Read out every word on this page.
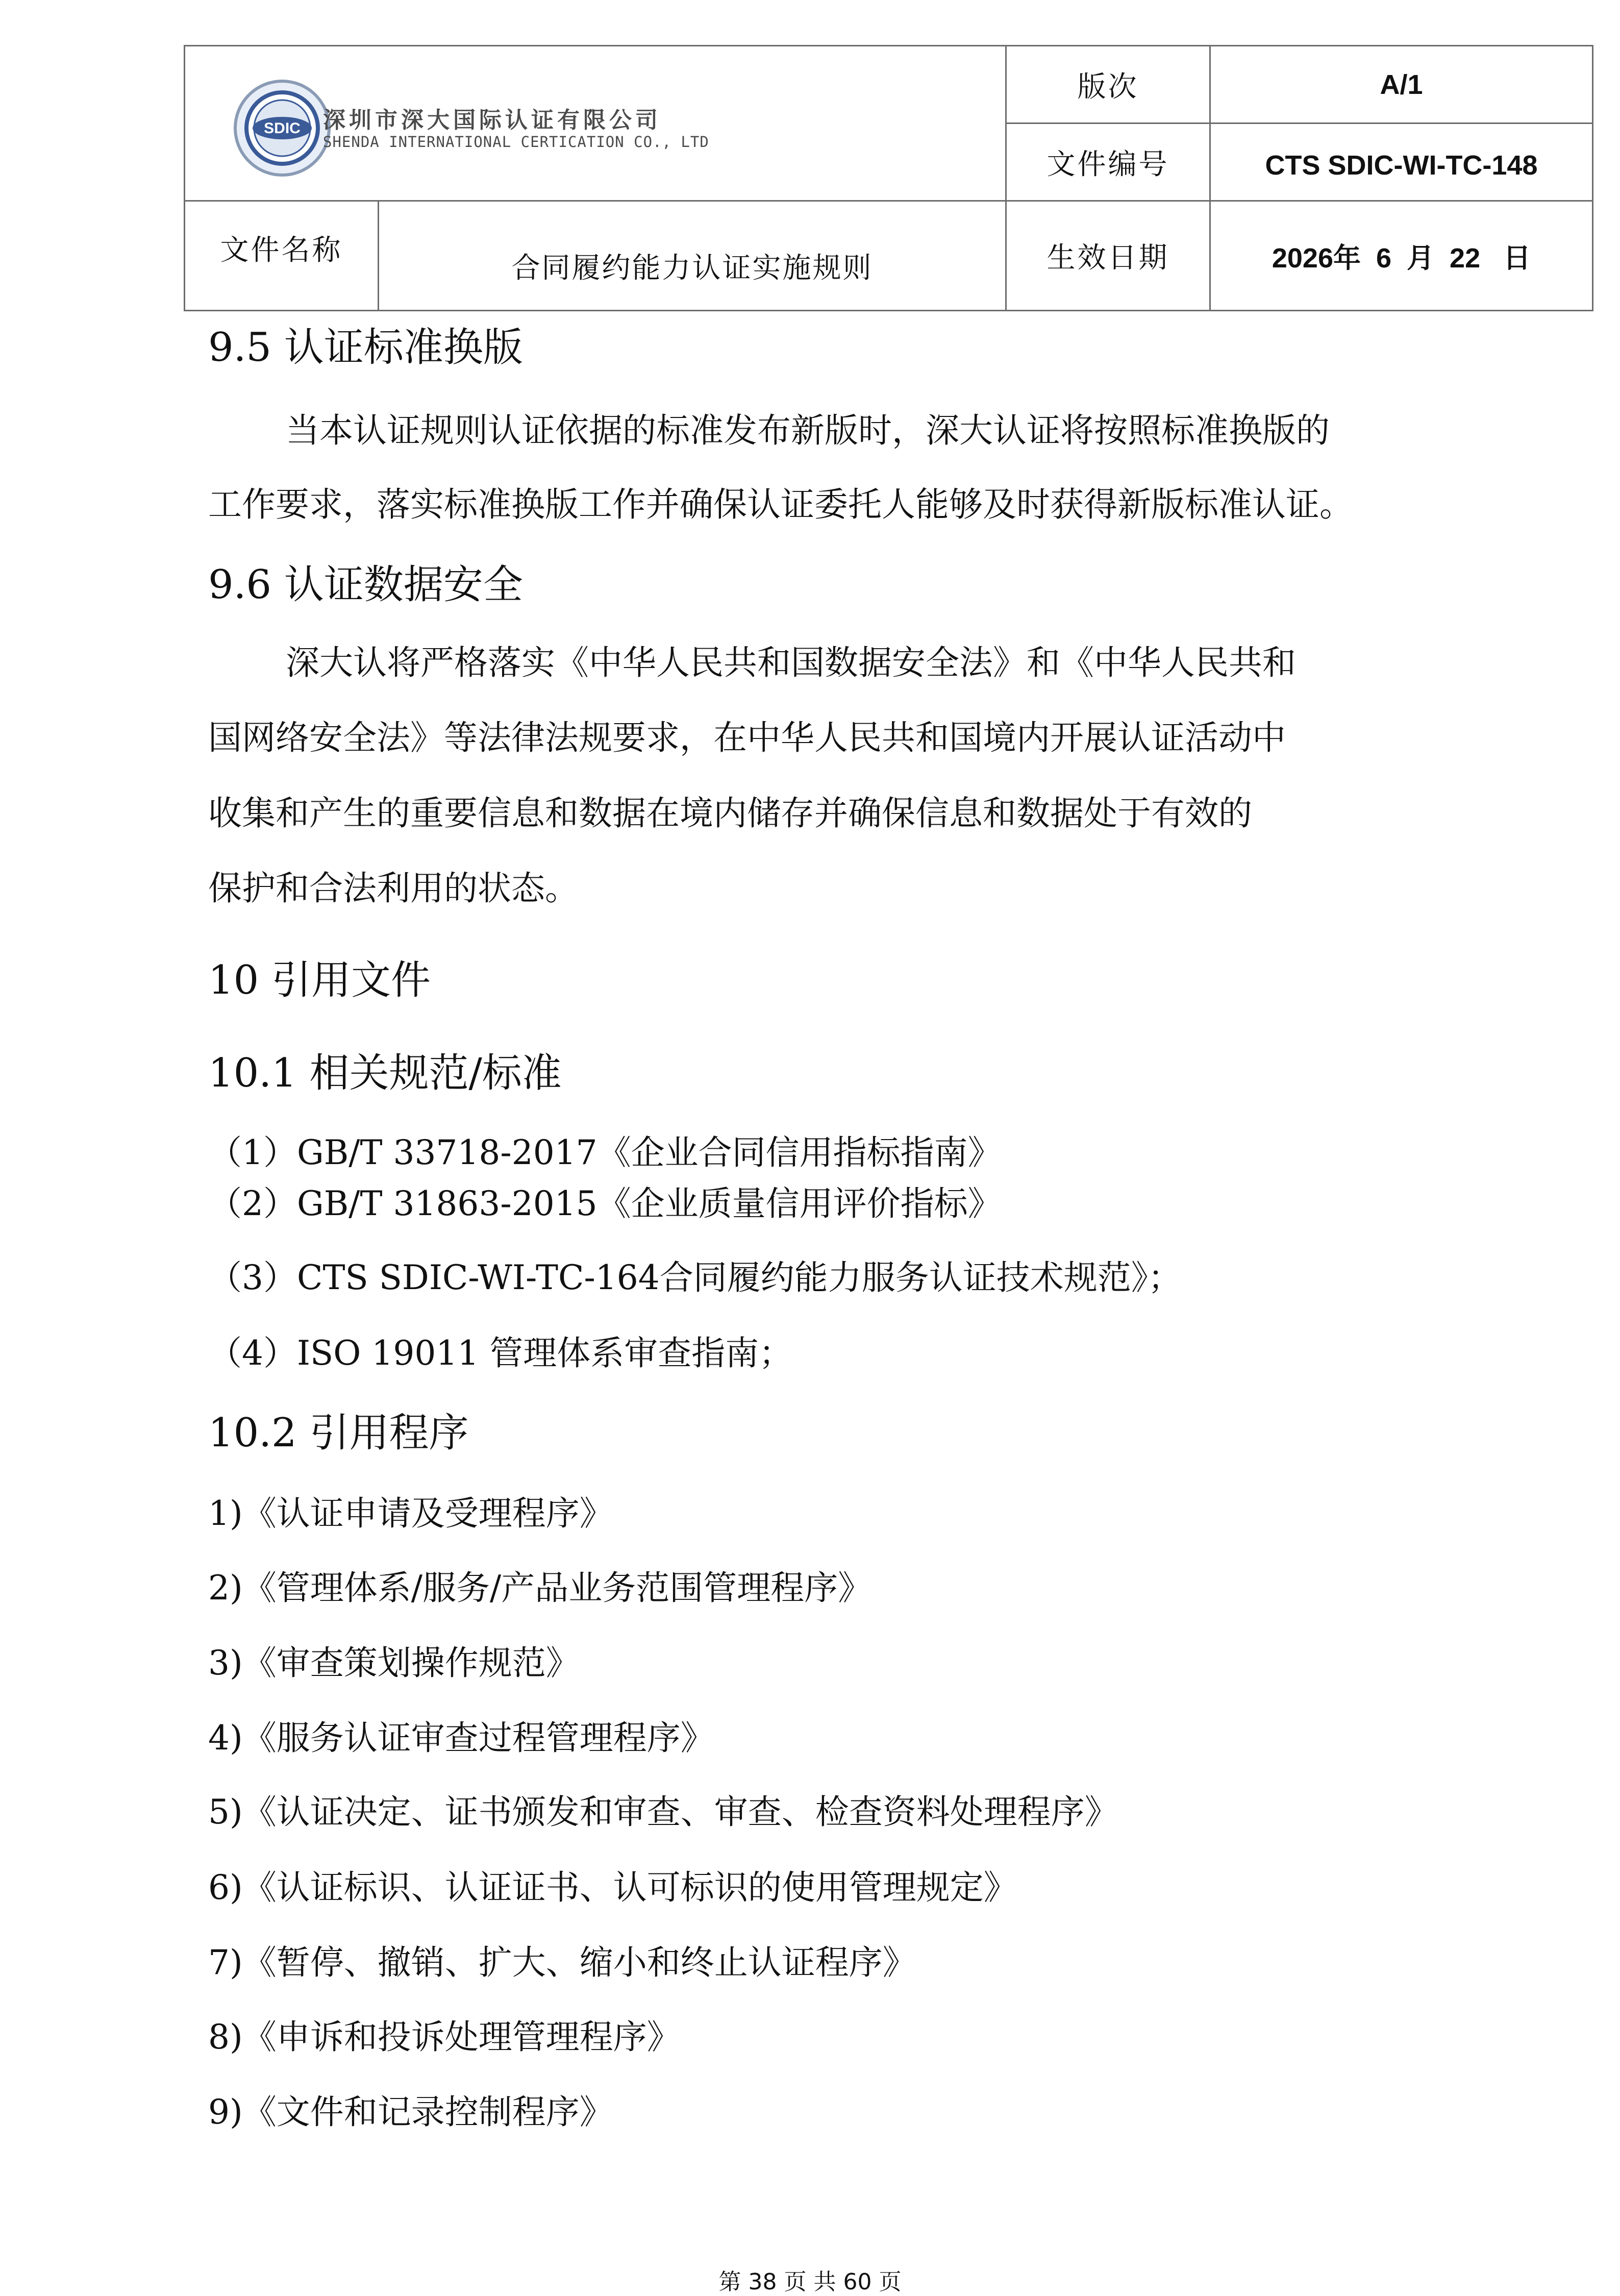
SDIC 深圳市深大国际认证有限公司
SHENDA INTERNATIONAL CERTICATION CO., LTD		版次	A/1
		文件编号	CTS SDIC-WI-TC-148
文件名称	合同履约能力认证实施规则	生效日期	2026年  6  月  22   日
9.5 认证标准换版
当本认证规则认证依据的标准发布新版时，深大认证将按照标准换版的
工作要求，落实标准换版工作并确保认证委托人能够及时获得新版标准认证。
9.6 认证数据安全
深大认将严格落实《中华人民共和国数据安全法》和《中华人民共和
国网络安全法》等法律法规要求，在中华人民共和国境内开展认证活动中
收集和产生的重要信息和数据在境内储存并确保信息和数据处于有效的
保护和合法利用的状态。
10 引用文件
10.1 相关规范/标准
（1）GB/T 33718-2017《企业合同信用指标指南》
（2）GB/T 31863-2015《企业质量信用评价指标》
（3）CTS SDIC-WI-TC-164合同履约能力服务认证技术规范》；
（4）ISO 19011 管理体系审查指南；
10.2 引用程序
1)《认证申请及受理程序》
2)《管理体系/服务/产品业务范围管理程序》
3)《审查策划操作规范》
4)《服务认证审查过程管理程序》
5)《认证决定、证书颁发和审查、审查、检查资料处理程序》
6)《认证标识、认证证书、认可标识的使用管理规定》
7)《暂停、撤销、扩大、缩小和终止认证程序》
8)《申诉和投诉处理管理程序》
9)《文件和记录控制程序》
第 38 页 共 60 页
